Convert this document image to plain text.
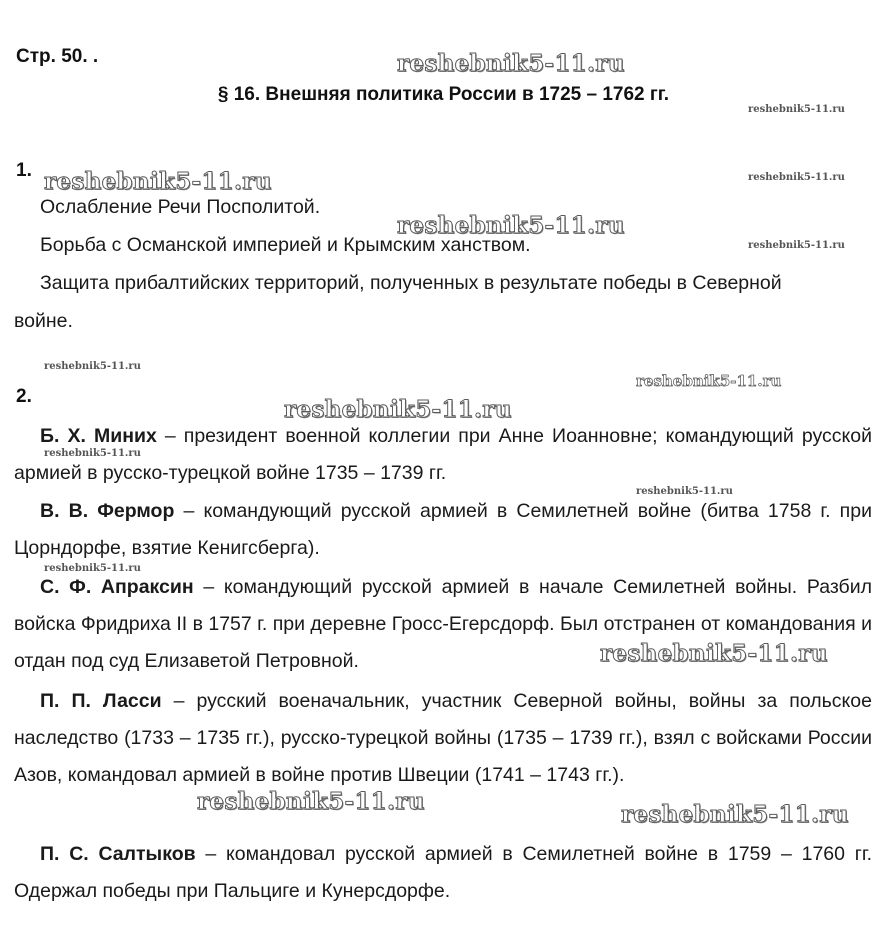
reshebnik5-11.ru
reshebnik5-11.ru
reshebnik5-11.ru	reshebnik5-11.ru
reshebnik5-11.ru
reshebnik5-11.ru
reshebnik5-11.ru
reshebnik5-11.ru
reshebnik5-11.ru
reshebnik5-11.ru
reshebnik5-11.ru
reshebnik5-11.ru
reshebnik5-11.ru
reshebnik5-11.ru	reshebnik5-11.ru
Стр. 50. .
§ 16. Внешняя политика России в 1725 – 1762 гг.
1.
Ослабление Речи Посполитой.
Борьба с Османской империей и Крымским ханством.
Защита прибалтийских территорий, полученных в результате победы в Северной
войне.
2.
Б. Х. Миних – президент военной коллегии при Анне Иоанновне; командующий русской армией в русско-турецкой войне 1735 – 1739 гг.
В. В. Фермор – командующий русской армией в Семилетней войне (битва 1758 г. при Цорндорфе, взятие Кенигсберга).
С. Ф. Апраксин – командующий русской армией в начале Семилетней войны. Разбил войска Фридриха II в 1757 г. при деревне Гросс-Егерсдорф. Был отстранен от командования и отдан под суд Елизаветой Петровной.
П. П. Ласси – русский военачальник, участник Северной войны, войны за польское наследство (1733 – 1735 гг.), русско-турецкой войны (1735 – 1739 гг.), взял с войсками России Азов, командовал армией в войне против Швеции (1741 – 1743 гг.).
П. С. Салтыков – командовал русской армией в Семилетней войне в 1759 – 1760 гг. Одержал победы при Пальциге и Кунерсдорфе.
